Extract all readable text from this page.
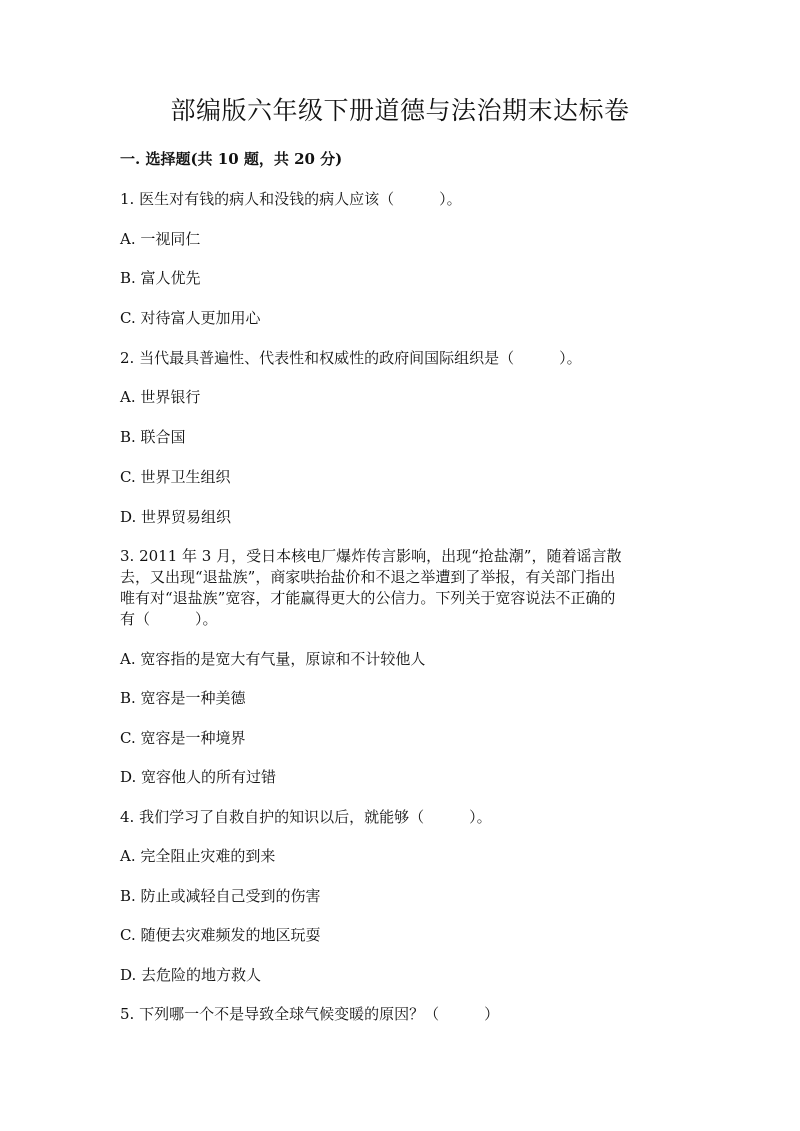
部编版六年级下册道德与法治期末达标卷
一. 选择题(共 10 题，共 20 分)
1. 医生对有钱的病人和没钱的病人应该（　　　）。
A. 一视同仁
B. 富人优先
C. 对待富人更加用心
2. 当代最具普遍性、代表性和权威性的政府间国际组织是（　　　）。
A. 世界银行
B. 联合国
C. 世界卫生组织
D. 世界贸易组织
3. 2011 年 3 月，受日本核电厂爆炸传言影响，出现“抢盐潮”，随着谣言散
去，又出现“退盐族”，商家哄抬盐价和不退之举遭到了举报，有关部门指出
唯有对“退盐族”宽容，才能赢得更大的公信力。下列关于宽容说法不正确的
有（　　　）。
A. 宽容指的是宽大有气量，原谅和不计较他人
B. 宽容是一种美德
C. 宽容是一种境界
D. 宽容他人的所有过错
4. 我们学习了自救自护的知识以后，就能够（　　　）。
A. 完全阻止灾难的到来
B. 防止或减轻自己受到的伤害
C. 随便去灾难频发的地区玩耍
D. 去危险的地方救人
5. 下列哪一个不是导致全球气候变暖的原因？（　　　）
